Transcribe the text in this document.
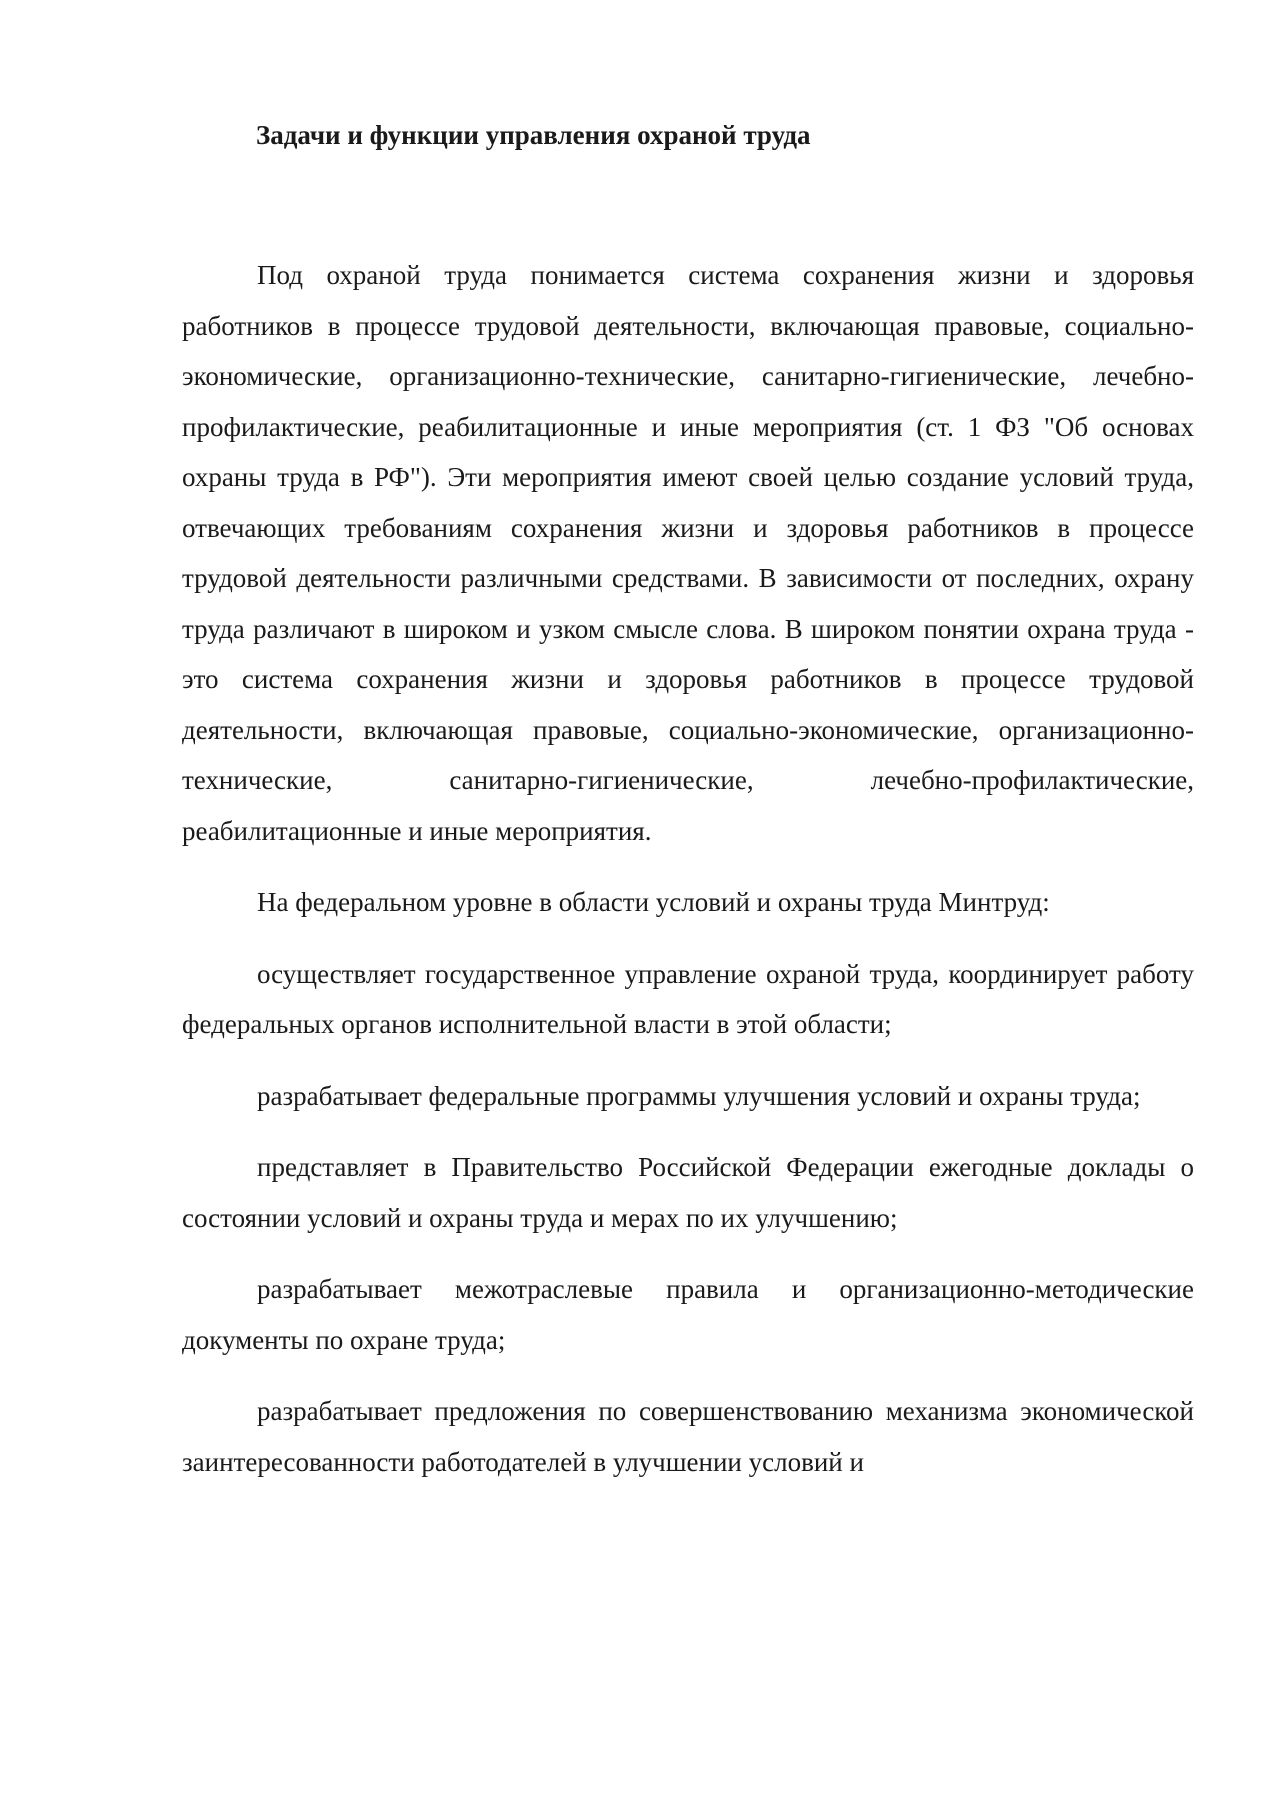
Задачи и функции управления охраной труда

Под охраной труда понимается система сохранения жизни и здоровья работников в процессе трудовой деятельности, включающая правовые, социально-экономические, организационно-технические, санитарно-гигиенические, лечебно-профилактические, реабилитационные и иные мероприятия (ст. 1 ФЗ "Об основах охраны труда в РФ"). Эти мероприятия имеют своей целью создание условий труда, отвечающих требованиям сохранения жизни и здоровья работников в процессе трудовой деятельности различными средствами. В зависимости от последних, охрану труда различают в широком и узком смысле слова. В широком понятии охрана труда - это система сохранения жизни и здоровья работников в процессе трудовой деятельности, включающая правовые, социально-экономические, организационно-технические, санитарно-гигиенические, лечебно-профилактические, реабилитационные и иные мероприятия.

На федеральном уровне в области условий и охраны труда Минтруд:

осуществляет государственное управление охраной труда, координирует работу федеральных органов исполнительной власти в этой области;

разрабатывает федеральные программы улучшения условий и охраны труда;

представляет в Правительство Российской Федерации ежегодные доклады о состоянии условий и охраны труда и мерах по их улучшению;

разрабатывает межотраслевые правила и организационно-методические документы по охране труда;

разрабатывает предложения по совершенствованию механизма экономической заинтересованности работодателей в улучшении условий и
